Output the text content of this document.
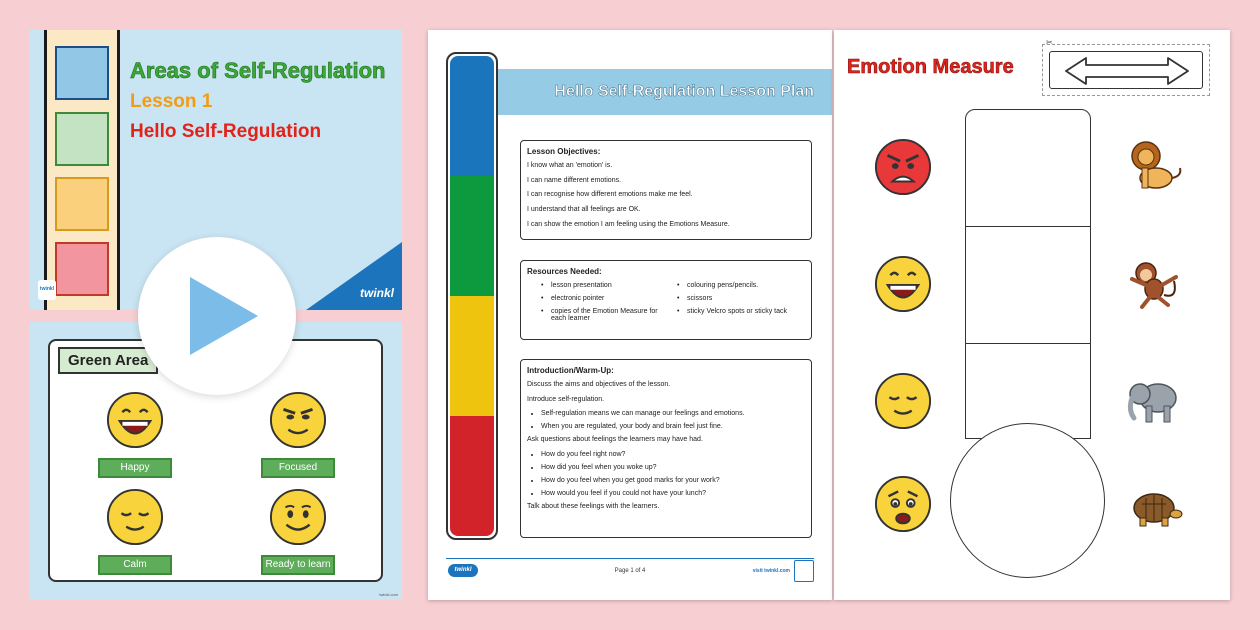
Areas of Self-Regulation
Lesson 1
Hello Self-Regulation
twinkl	twinkl
Green Area
Happy	Focused
Calm	Ready to learn
twinkl.com
Hello Self-Regulation Lesson Plan
Lesson Objectives:

I know what an 'emotion' is.

I can name different emotions.

I can recognise how different emotions make me feel.

I understand that all feelings are OK.

I can show the emotion I am feeling using the Emotions Measure.

Resources Needed:
• lesson presentation	• colouring pens/pencils.
• electronic pointer	• scissors
• copies of the Emotion Measure for each learner
• sticky Velcro spots or sticky tack
Introduction/Warm-Up:

Discuss the aims and objectives of the lesson.

Introduce self-regulation.

• Self-regulation means we can manage our feelings and emotions.
• When you are regulated, your body and brain feel just fine.

Ask questions about feelings the learners may have had.

• How do you feel right now?
• How did you feel when you woke up?
• How do you feel when you get good marks for your work?
• How would you feel if you could not have your lunch?

Talk about these feelings with the learners.

twinkl	Page 1 of 4	visit twinkl.com
Emotion Measure
✂
